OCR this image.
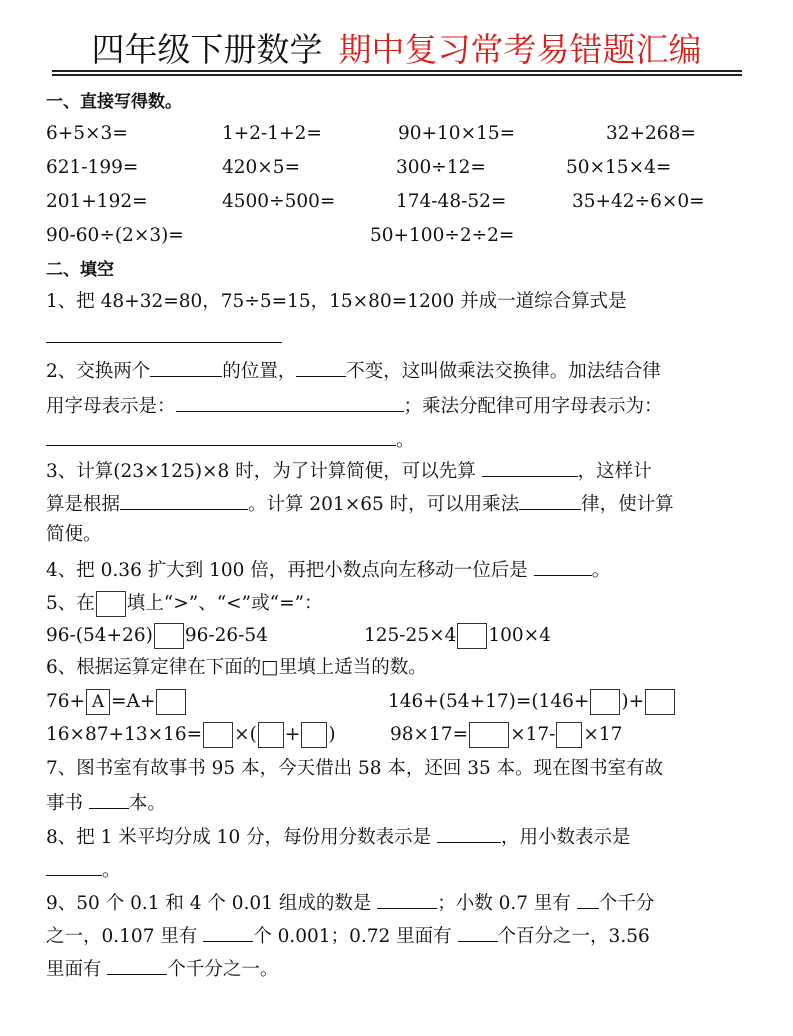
四年级下册数学 期中复习常考易错题汇编
一、直接写得数。
6+5×3=	1+2-1+2=	90+10×15=	32+268=
621-199=	420×5=	300÷12=	50×15×4=
201+192=	4500÷500=	174-48-52=	35+42÷6×0=
90-60÷(2×3)=	50+100÷2÷2=
二、填空
1、把 48+32=80，75÷5=15，15×80=1200 并成一道综合算式是
2、交换两个	的位置，	不变，这叫做乘法交换律。加法结合律
用字母表示是：	；乘法分配律可用字母表示为：
。
3、计算(23×125)×8 时，为了计算简便，可以先算	，这样计
算是根据	。计算 201×65 时，可以用乘法	律，使计算
简便。
4、把 0.36 扩大到 100 倍，再把小数点向左移动一位后是	。
5、在 填上“>”、“<”或“=”：
96-(54+26) 96-26-54	125-25×4 100×4
6、根据运算定律在下面的□里填上适当的数。
76+ A =A+	146+(54+17)=(146+ )+
16×87+13×16= ×( + )	98×17= ×17- ×17
7、图书室有故事书 95 本，今天借出 58 本，还回 35 本。现在图书室有故
事书 本。
8、把 1 米平均分成 10 分，每份用分数表示是	，用小数表示是
。
9、50 个 0.1 和 4 个 0.01 组成的数是	；小数 0.7 里有 个千分
之一，0.107 里有	个 0.001；0.72 里面有 个百分之一，3.56
里面有	个千分之一。
